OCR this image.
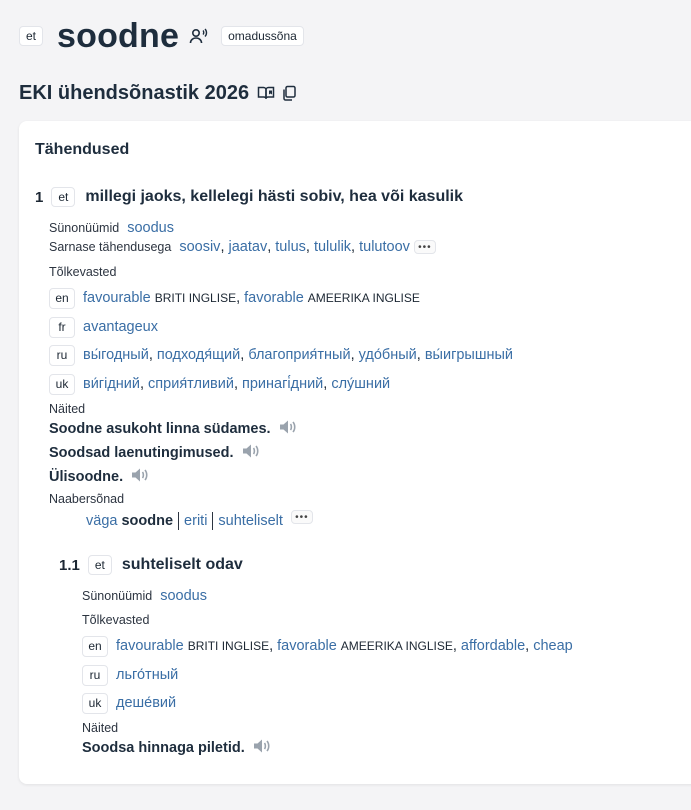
et soodne	omadussõna
EKI ühendsõnastik 2026
Tähendused
1	et	millegi jaoks, kellelegi hästi sobiv, hea või kasulik
Sünonüümid soodus
Sarnase tähendusega soosiv , jaatav , tulus , tululik , tulutoov •••
Tõlkevasted
en favourable BRITI INGLISE , favorable AMEERIKA INGLISE
fr	avantageux
ru	вы́годный , подходя́щий , благоприя́тный , удо́бный , вы́игрышный
uk	ви́гідний , сприя́тливий , принагі́дний , слу́шний
Näited
Soodne asukoht linna südames.
Soodsad laenutingimused.
Ülisoodne.
Naabersõnad
väga soodne eriti suhteliselt	•••
1.1	et	suhteliselt odav
Sünonüümid soodus
Tõlkevasted
en favourable BRITI INGLISE , favorable AMEERIKA INGLISE , affordable , cheap
ru	льго́тный
uk	деше́вий
Näited
Soodsa hinnaga piletid.
